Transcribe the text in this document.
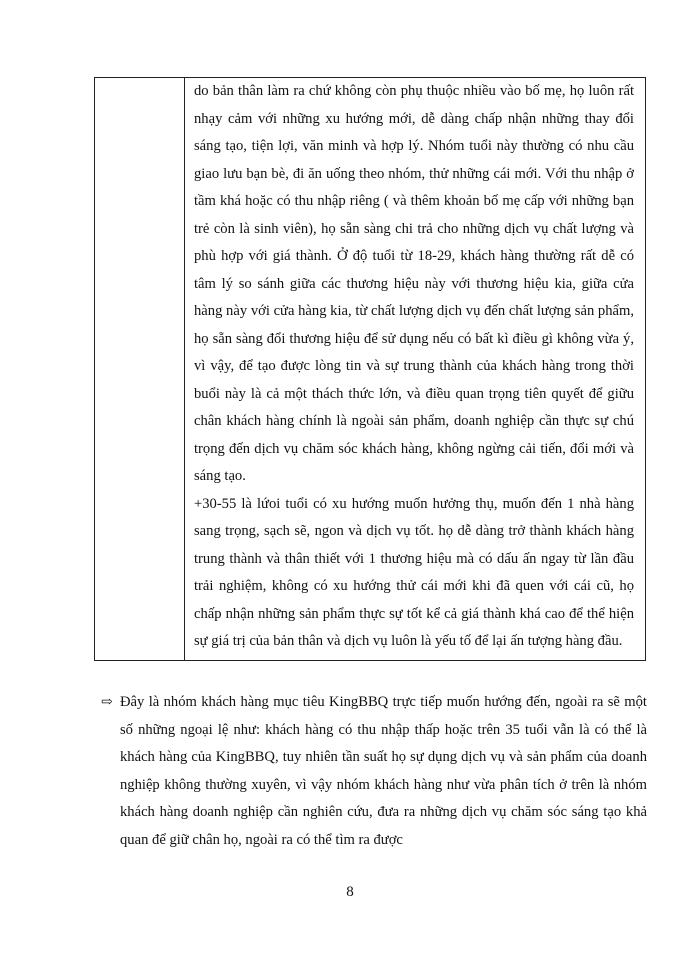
do bản thân làm ra chứ không còn phụ thuộc nhiều vào bố mẹ, họ luôn rất nhạy cảm với những xu hướng mới, dễ dàng chấp nhận những thay đổi sáng tạo, tiện lợi, văn minh và hợp lý. Nhóm tuổi này thường có nhu cầu giao lưu bạn bè, đi ăn uống theo nhóm, thử những cái mới. Với thu nhập ở tầm khá hoặc có thu nhập riêng ( và thêm khoản bố mẹ cấp với những bạn trẻ còn là sinh viên), họ sẵn sàng chi trả cho những dịch vụ chất lượng và phù hợp với giá thành. Ở độ tuổi từ 18-29, khách hàng thường rất dễ có tâm lý so sánh giữa các thương hiệu này với thương hiệu kia, giữa cửa hàng này với cửa hàng kia, từ chất lượng dịch vụ đến chất lượng sản phẩm, họ sẵn sàng đổi thương hiệu để sử dụng nếu có bất kì điều gì không vừa ý, vì vậy, để tạo được lòng tin và sự trung thành của khách hàng trong thời buổi này là cả một thách thức lớn, và điều quan trọng tiên quyết để giữu chân khách hàng chính là ngoài sản phẩm, doanh nghiệp cần thực sự chú trọng đến dịch vụ chăm sóc khách hàng, không ngừng cải tiến, đổi mới và sáng tạo.

+30-55 là lứoi tuổi có xu hướng muốn hưởng thụ, muốn đến 1 nhà hàng sang trọng, sạch sẽ, ngon và dịch vụ tốt. họ dễ dàng trở thành khách hàng trung thành và thân thiết với 1 thương hiệu mà có dấu ấn ngay từ lần đầu trải nghiệm, không có xu hướng thử cái mới khi đã quen với cái cũ, họ chấp nhận những sản phẩm thực sự tốt kể cả giá thành khá cao để thể hiện sự giá trị của bản thân và dịch vụ luôn là yếu tố để lại ấn tượng hàng đầu.

⇨ Đây là nhóm khách hàng mục tiêu KingBBQ trực tiếp muốn hướng đến, ngoài ra sẽ một số những ngoại lệ như: khách hàng có thu nhập thấp hoặc trên 35 tuổi vẫn là có thể là khách hàng của KingBBQ, tuy nhiên tần suất họ sự dụng dịch vụ và sản phẩm của doanh nghiệp không thường xuyên, vì vậy nhóm khách hàng như vừa phân tích ở trên là nhóm khách hàng doanh nghiệp cần nghiên cứu, đưa ra những dịch vụ chăm sóc sáng tạo khả quan để giữ chân họ, ngoài ra có thể tìm ra được
8
